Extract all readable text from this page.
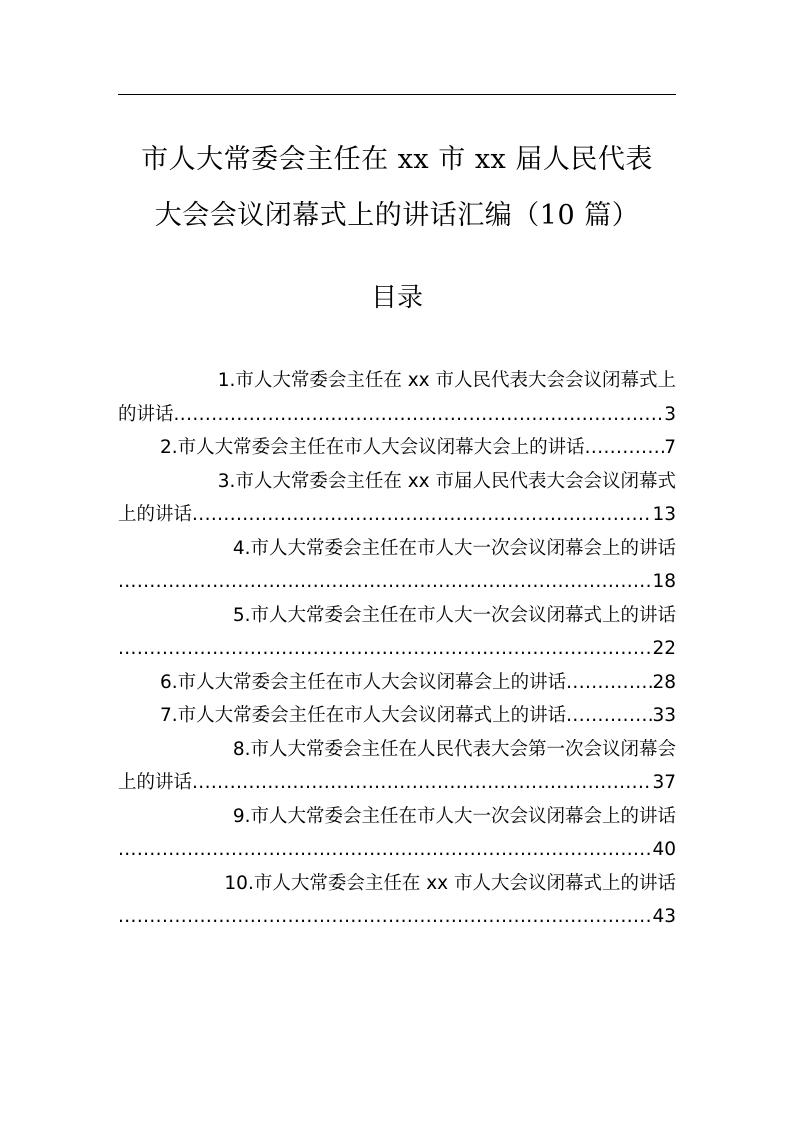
市人大常委会主任在 xx 市 xx 届人民代表
大会会议闭幕式上的讲话汇编（10 篇）
目录
1.市人大常委会主任在 xx 市人民代表大会会议闭幕式上
的讲话 .....	3
2.市人大常委会主任在市人大会议闭幕大会上的讲话 .....	7
3.市人大常委会主任在 xx 市届人民代表大会会议闭幕式
上的讲话 .....	13
4.市人大常委会主任在市人大一次会议闭幕会上的讲话
.....
18
5.市人大常委会主任在市人大一次会议闭幕式上的讲话
.....
22
6.市人大常委会主任在市人大会议闭幕会上的讲话 .....	28
7.市人大常委会主任在市人大会议闭幕式上的讲话 .....	33
8.市人大常委会主任在人民代表大会第一次会议闭幕会
上的讲话 .....	37
9.市人大常委会主任在市人大一次会议闭幕会上的讲话
.....
40
10.市人大常委会主任在 xx 市人大会议闭幕式上的讲话
.....
43
